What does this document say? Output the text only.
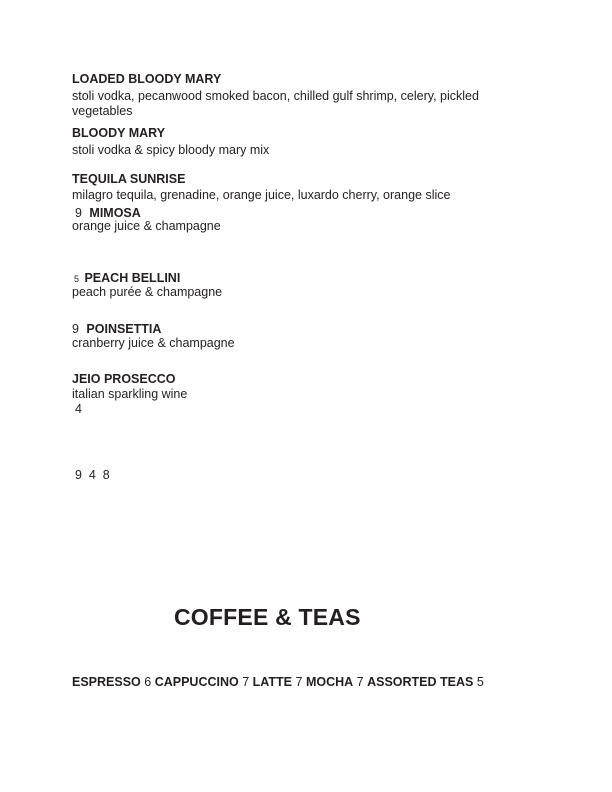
LOADED BLOODY MARY
stoli vodka, pecanwood smoked bacon, chilled gulf shrimp, celery, pickled
vegetables
BLOODY MARY
stoli vodka & spicy bloody mary mix
TEQUILA SUNRISE
milagro tequila, grenadine, orange juice, luxardo cherry, orange slice
9 MIMOSA
orange juice & champagne
5 PEACH BELLINI
peach purée & champagne
9 POINSETTIA
cranberry juice & champagne
JEIO PROSECCO
italian sparkling wine
4
9  4  8
COFFEE & TEAS
ESPRESSO 6 CAPPUCCINO 7 LATTE 7 MOCHA 7 ASSORTED TEAS 5
